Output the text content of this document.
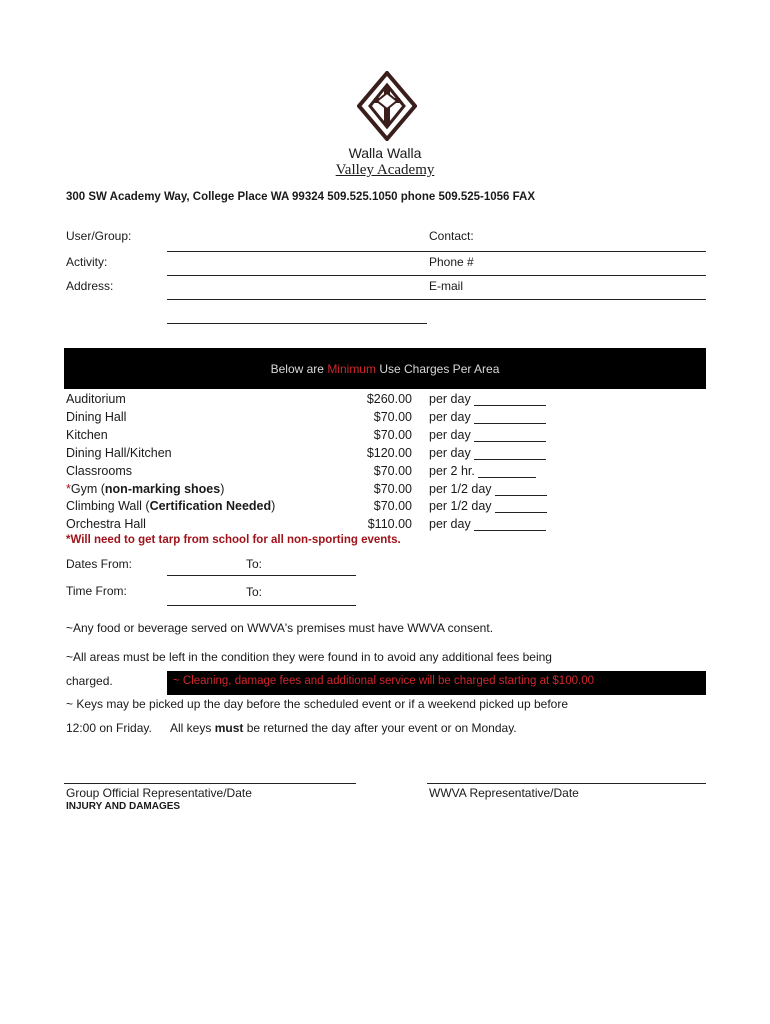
Walla Walla
Valley Academy
300 SW Academy Way, College Place WA 99324 509.525.1050 phone 509.525-1056 FAX
User/Group:	Contact:
Activity:	Phone #
Address:	E-mail
Below are Minimum Use Charges Per Area
Auditorium	$260.00 per day
Dining Hall	$70.00 per day
Kitchen	$70.00 per day
Dining Hall/Kitchen	$120.00 per day
Classrooms	$70.00 per 2 hr.
*Gym (non-marking shoes)	$70.00 per 1/2 day
Climbing Wall (Certification Needed)	$70.00 per 1/2 day
Orchestra Hall	$110.00 per day
*Will need to get tarp from school for all non-sporting events.
Dates From:	To:
Time From:	To:
~Any food or beverage served on WWVA's premises must have WWVA consent.
~All areas must be left in the condition they were found in to avoid any additional fees being
charged.	~ Cleaning, damage fees and additional service will be charged starting at $100.00
~ Keys may be picked up the day before the scheduled event or if a weekend picked up before
12:00 on Friday. All keys must be returned the day after your event or on Monday.
Group Official Representative/Date	WWVA Representative/Date
INJURY AND DAMAGES
